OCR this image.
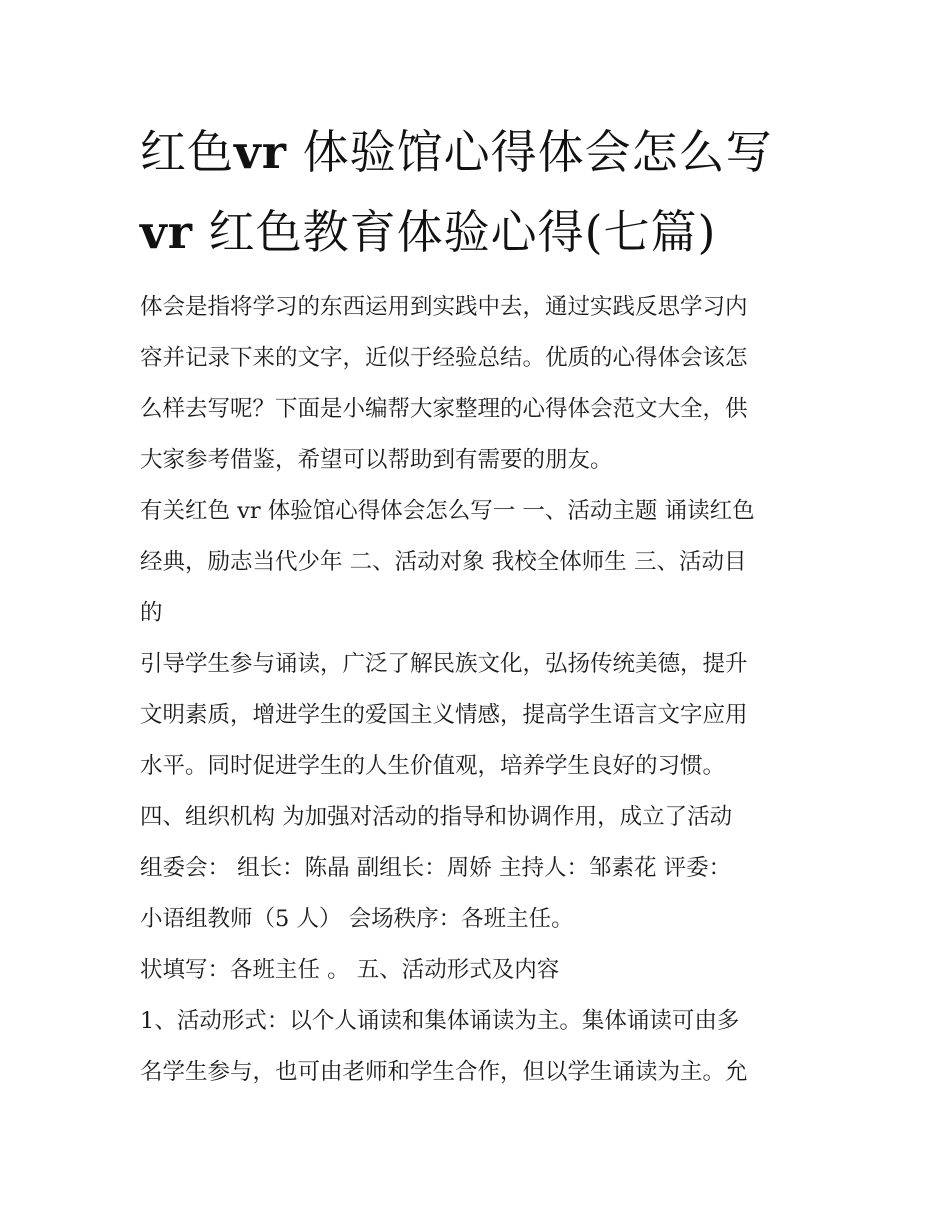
红色vr 体验馆心得体会怎么写
vr 红色教育体验心得(七篇)

体会是指将学习的东西运用到实践中去，通过实践反思学习内

容并记录下来的文字，近似于经验总结。优质的心得体会该怎

么样去写呢？下面是小编帮大家整理的心得体会范文大全，供

大家参考借鉴，希望可以帮助到有需要的朋友。

有关红色 vr 体验馆心得体会怎么写一 一、活动主题 诵读红色

经典，励志当代少年 二、活动对象 我校全体师生 三、活动目

的

引导学生参与诵读，广泛了解民族文化，弘扬传统美德，提升

文明素质，增进学生的爱国主义情感，提高学生语言文字应用

水平。同时促进学生的人生价值观，培养学生良好的习惯。

四、组织机构 为加强对活动的指导和协调作用，成立了活动

组委会： 组长：陈晶 副组长：周娇 主持人：邹素花 评委：

小语组教师（5 人） 会场秩序：各班主任。

状填写：各班主任 。 五、活动形式及内容

1、活动形式：以个人诵读和集体诵读为主。集体诵读可由多

名学生参与，也可由老师和学生合作，但以学生诵读为主。允
